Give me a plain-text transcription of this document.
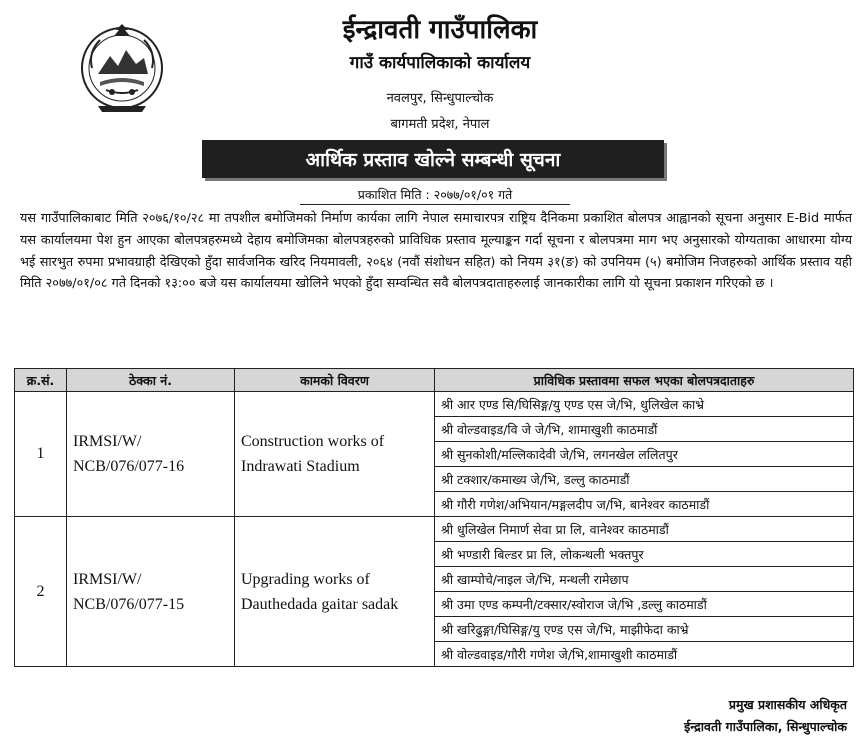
ईन्द्रावती गाउँपालिका
गाउँ कार्यपालिकाको कार्यालय
नवलपुर, सिन्धुपाल्चोक
बागमती प्रदेश, नेपाल
आर्थिक प्रस्ताव खोल्ने सम्बन्धी सूचना
प्रकाशित मिति : २०७७/०१/०१ गते
यस गाउँपालिकाबाट मिति २०७६/१०/२८ मा तपशील बमोजिमको निर्माण कार्यका लागि नेपाल समाचारपत्र राष्ट्रिय दैनिकमा प्रकाशित बोलपत्र आह्वानको सूचना अनुसार E-Bid मार्फत यस कार्यालयमा पेश हुन आएका बोलपत्रहरुमध्ये देहाय बमोजिमका बोलपत्रहरुको प्राविधिक प्रस्ताव मूल्याङ्कन गर्दा सूचना र बोलपत्रमा माग भए अनुसारको योग्यताका आधारमा योग्य भई सारभुत रुपमा प्रभावग्राही देखिएको हुँदा सार्वजनिक खरिद नियमावली, २०६४ (नवौं संशोधन सहित) को नियम ३१(ङ) को उपनियम (५) बमोजिम निजहरुको आर्थिक प्रस्ताव यही मिति २०७७/०१/०८ गते दिनको १३:०० बजे यस कार्यालयमा खोलिने भएको हुँदा सम्वन्धित सवै बोलपत्रदाताहरुलाई जानकारीका लागि यो सूचना प्रकाशन गरिएको छ ।
क्र.सं.	ठेक्का नं.	कामको विवरण	प्राविधिक प्रस्तावमा सफल भएका बोलपत्रदाताहरु
1	IRMSI/W/ NCB/076/077-16	Construction works of Indrawati Stadium	श्री आर एण्ड सि/घिसिङ्ग/यु एण्ड एस जे/भि, धुलिखेल काभ्रे
			श्री वोल्डवाइड/वि जे जे/भि, शामाखुशी काठमाडौं
			श्री सुनकोशी/मल्लिकादेवी जे/भि, लगनखेल ललितपुर
			श्री टक्शार/कमाख्य जे/भि, डल्लु काठमाडौं
			श्री गौरी गणेश/अभियान/मङ्गलदीप ज/भि, बानेश्वर काठमाडौं
2	IRMSI/W/ NCB/076/077-15	Upgrading works of Dauthedada gaitar sadak	श्री धुलिखेल निमार्ण सेवा प्रा लि, वानेश्वर काठमाडौं
			श्री भण्डारी बिल्डर प्रा लि, लोकन्थली भक्तपुर
			श्री खाम्पोचे/नाइल जे/भि, मन्थली रामेछाप
			श्री उमा एण्ड कम्पनी/टक्सार/स्वोराज जे/भि ,डल्लु काठमाडौं
			श्री खरिढुङ्गा/घिसिङ्ग/यु एण्ड एस जे/भि, माझीफेदा काभ्रे
			श्री वोल्डवाइड/गौरी गणेश जे/भि,शामाखुशी काठमाडौं
प्रमुख प्रशासकीय अधिकृत
ईन्द्रावती गाउँपालिका, सिन्धुपाल्चोक
